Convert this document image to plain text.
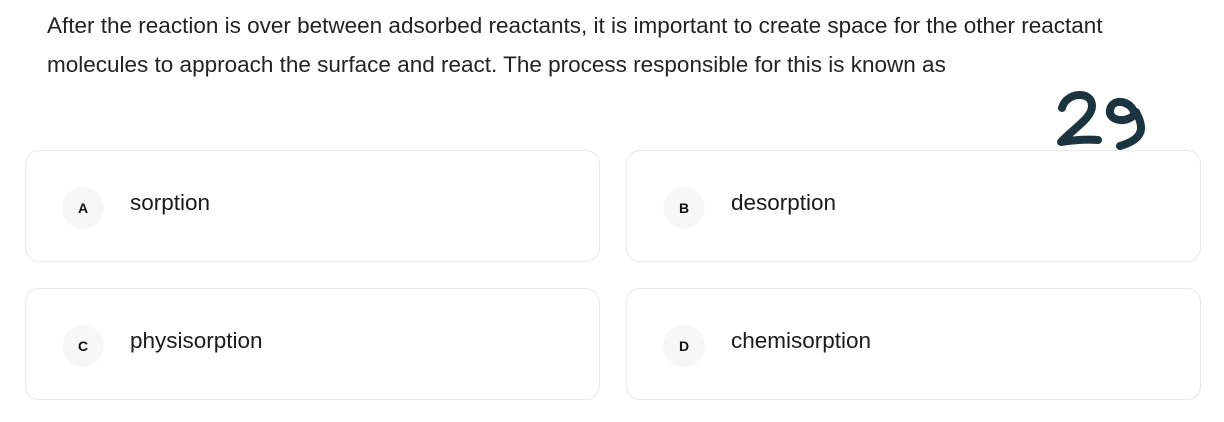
After the reaction is over between adsorbed reactants, it is important to create space for the other reactant molecules to approach the surface and react. The process responsible for this is known as

A	sorption	B	desorption
C	physisorption	D	chemisorption
